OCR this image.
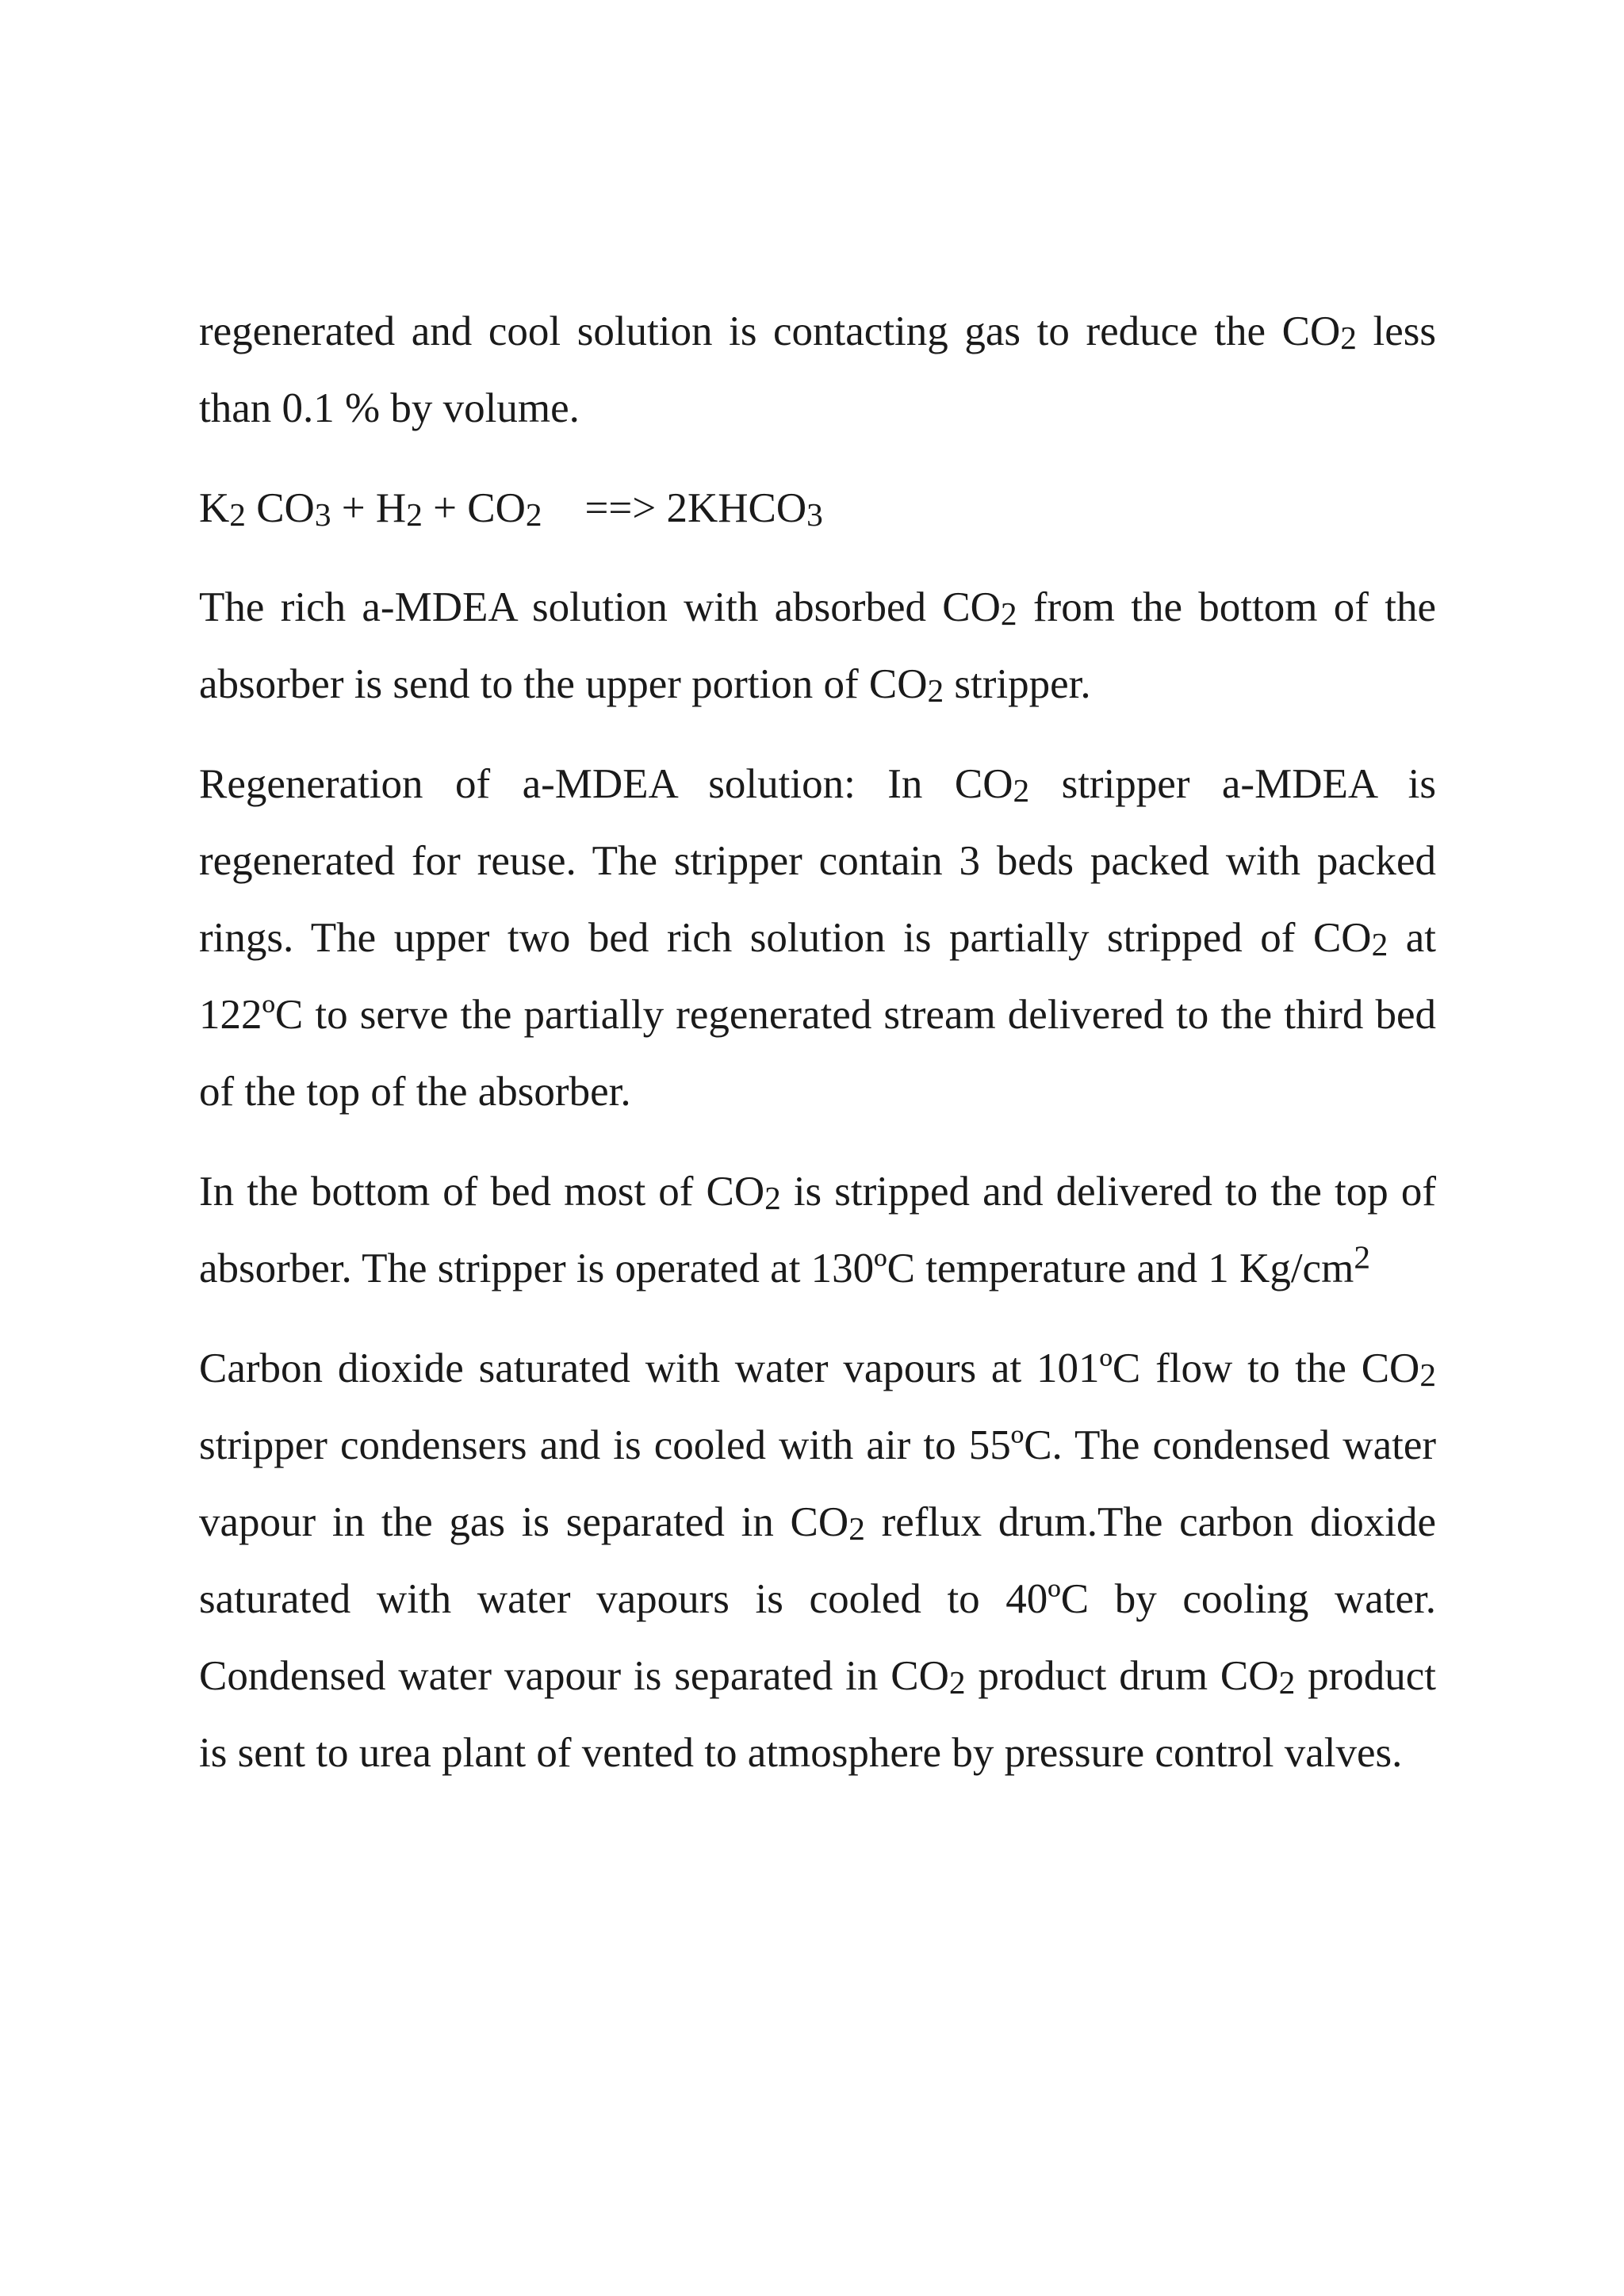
regenerated and cool solution is contacting gas to reduce the $CO_2$ less than 0.1 % by volume.

$K_2$ $CO_3 + H_2 + CO_2$ ==> $2KHCO_3$

The rich a-MDEA solution with absorbed $CO_2$ from the bottom of the absorber is send to the upper portion of $CO_2$ stripper.

Regeneration of a-MDEA solution: In $CO_2$ stripper a-MDEA is regenerated for reuse. The stripper contain 3 beds packed with packed rings. The upper two bed rich solution is partially stripped of $CO_2$ at 122ºC to serve the partially regenerated stream delivered to the third bed of the top of the absorber.

In the bottom of bed most of $CO_2$ is stripped and delivered to the top of absorber. The stripper is operated at 130ºC temperature and 1 $Kg/cm^2$

Carbon dioxide saturated with water vapours at 101ºC flow to the $CO_2$ stripper condensers and is cooled with air to 55ºC. The condensed water vapour in the gas is separated in $CO_2$ reflux drum.The carbon dioxide saturated with water vapours is cooled to 40ºC by cooling water. Condensed water vapour is separated in $CO_2$ product drum $CO_2$ product is sent to urea plant of vented to atmosphere by pressure control valves.
